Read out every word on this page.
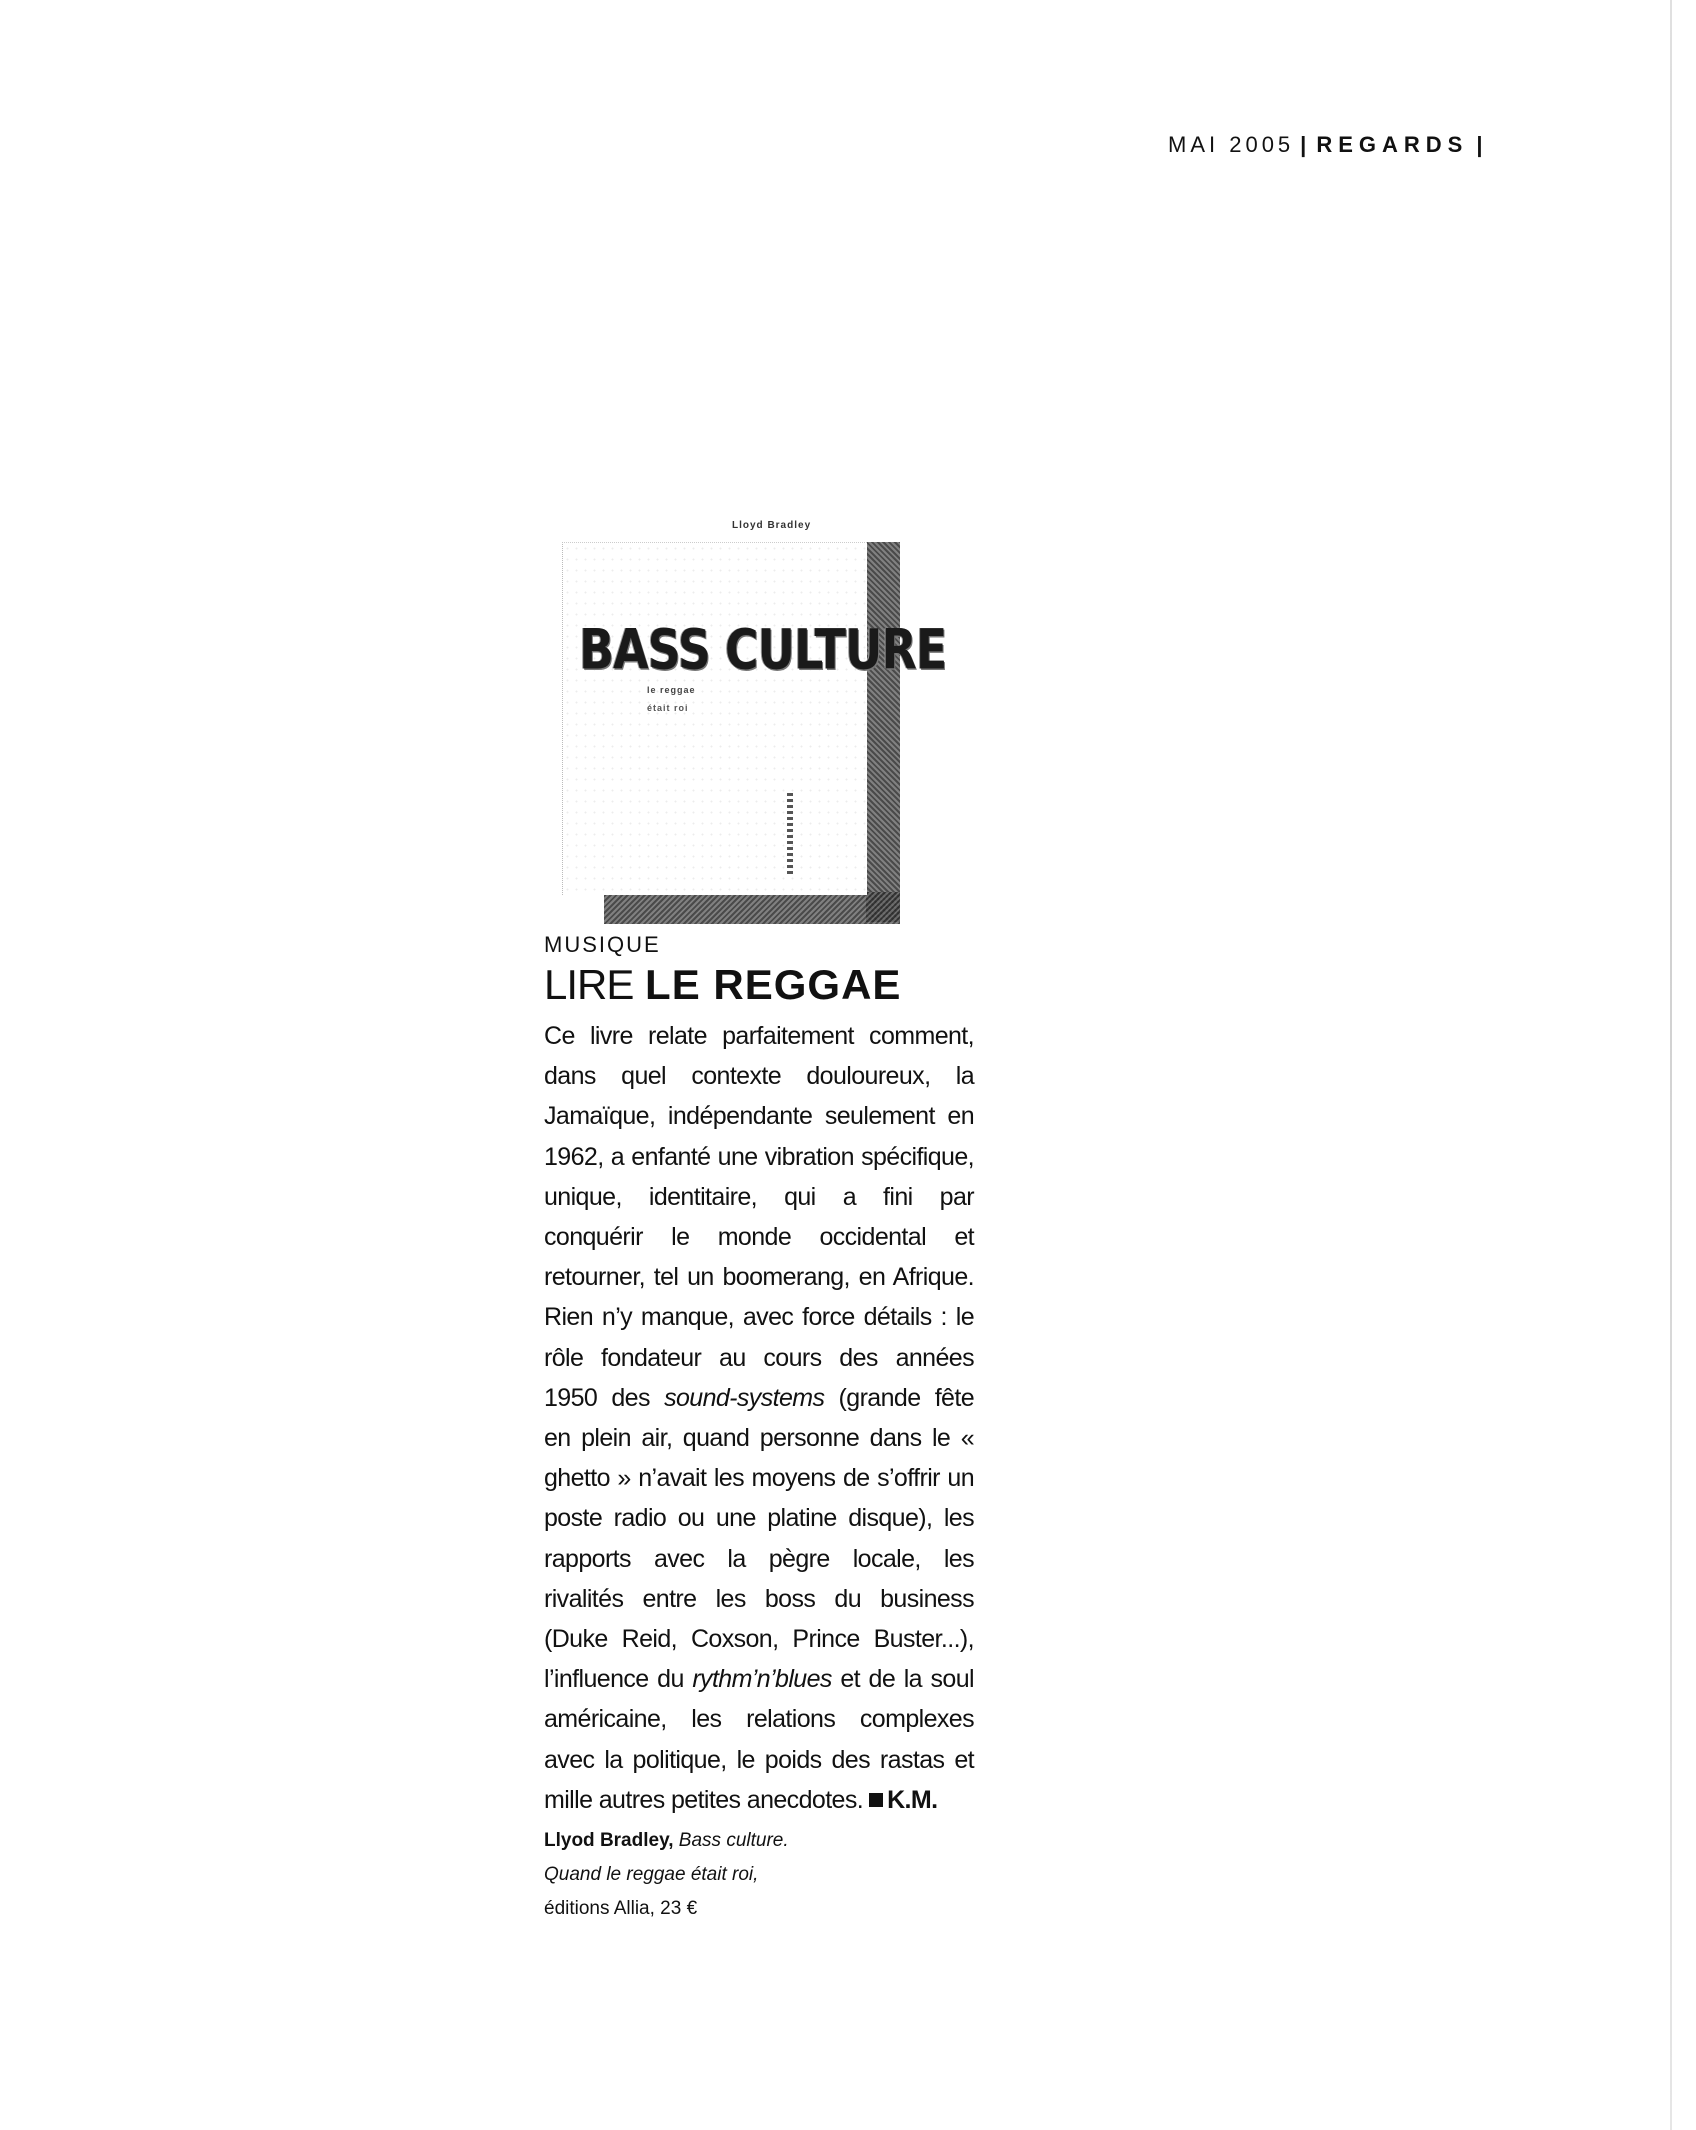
MAI 2005 | REGARDS |
Lloyd Bradley
BASS CULTURE
le reggae
était roi
MUSIQUE
LIRE LE REGGAE

Ce livre relate parfaitement comment, dans quel contexte douloureux, la Jamaïque, indépendante seulement en 1962, a enfanté une vibration spécifique, unique, identitaire, qui a fini par conquérir le monde occidental et retourner, tel un boomerang, en Afrique. Rien n’y manque, avec force détails : le rôle fondateur au cours des années 1950 des sound-systems (grande fête en plein air, quand personne dans le « ghetto » n’avait les moyens de s’offrir un poste radio ou une platine disque), les rapports avec la pègre locale, les rivalités entre les boss du business (Duke Reid, Coxson, Prince Buster...), l’influence du rythm’n’blues et de la soul américaine, les relations complexes avec la politique, le poids des rastas et mille autres petites anecdotes. K.M.

Llyod Bradley, Bass culture.
Quand le reggae était roi,
éditions Allia, 23 €
